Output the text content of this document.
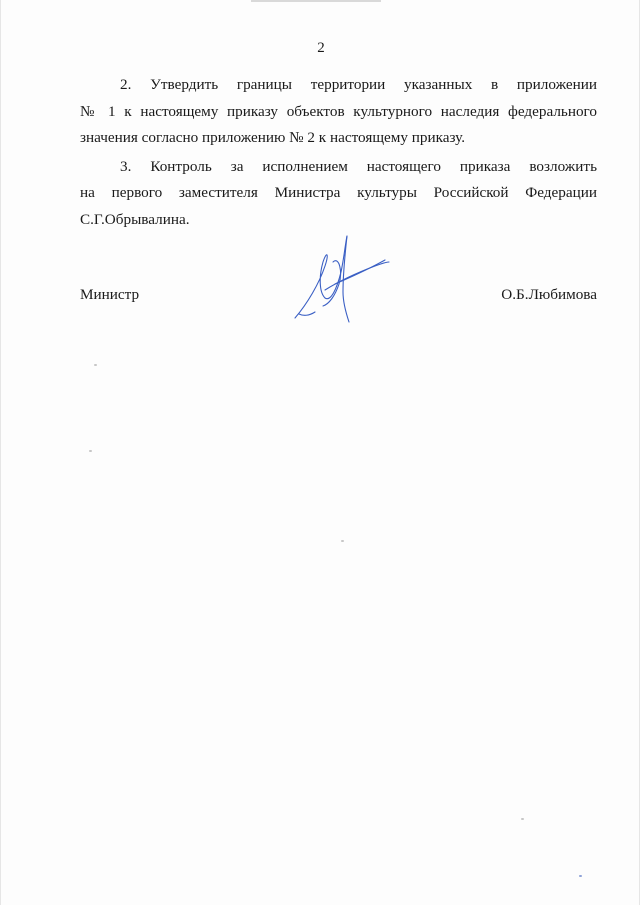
2

2. Утвердить границы территории указанных в приложении
№ 1 к настоящему приказу объектов культурного наследия федерального
значения согласно приложению № 2 к настоящему приказу.

3. Контроль за исполнением настоящего приказа возложить
на первого заместителя Министра культуры Российской Федерации
С.Г.Обрывалина.

Министр	О.Б.Любимова
